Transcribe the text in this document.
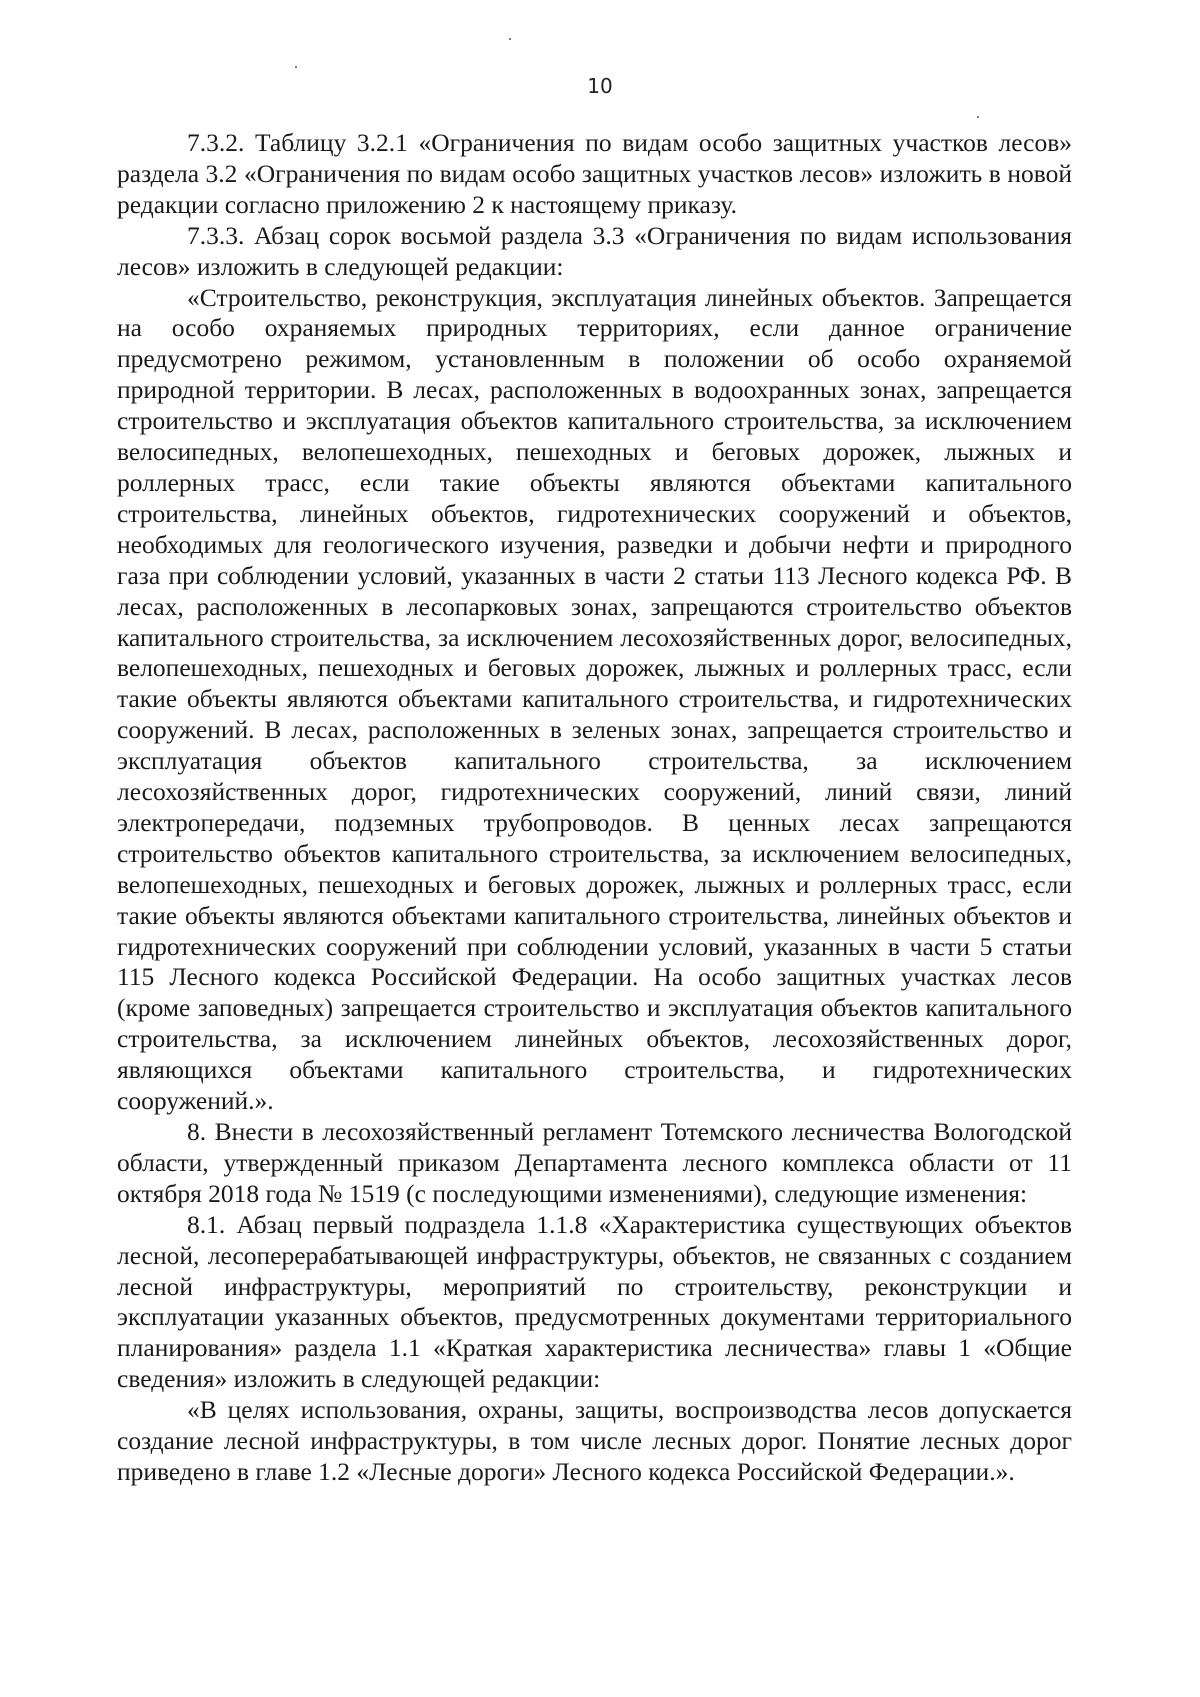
10

7.3.2. Таблицу 3.2.1 «Ограничения по видам особо защитных участков лесов» раздела 3.2 «Ограничения по видам особо защитных участков лесов» изложить в новой редакции согласно приложению 2 к настоящему приказу.

7.3.3. Абзац сорок восьмой раздела 3.3 «Ограничения по видам использования лесов» изложить в следующей редакции:

«Строительство, реконструкция, эксплуатация линейных объектов. Запрещается на особо охраняемых природных территориях, если данное ограничение предусмотрено режимом, установленным в положении об особо охраняемой природной территории. В лесах, расположенных в водоохранных зонах, запрещается строительство и эксплуатация объектов капитального строительства, за исключением велосипедных, велопешеходных, пешеходных и беговых дорожек, лыжных и роллерных трасс, если такие объекты являются объектами капитального строительства, линейных объектов, гидротехнических сооружений и объектов, необходимых для геологического изучения, разведки и добычи нефти и природного газа при соблюдении условий, указанных в части 2 статьи 113 Лесного кодекса РФ. В лесах, расположенных в лесопарковых зонах, запрещаются строительство объектов капитального строительства, за исключением лесохозяйственных дорог, велосипедных, велопешеходных, пешеходных и беговых дорожек, лыжных и роллерных трасс, если такие объекты являются объектами капитального строительства, и гидротехнических сооружений. В лесах, расположенных в зеленых зонах, запрещается строительство и эксплуатация объектов капитального строительства, за исключением лесохозяйственных дорог, гидротехнических сооружений, линий связи, линий электропередачи, подземных трубопроводов. В ценных лесах запрещаются строительство объектов капитального строительства, за исключением велосипедных, велопешеходных, пешеходных и беговых дорожек, лыжных и роллерных трасс, если такие объекты являются объектами капитального строительства, линейных объектов и гидротехнических сооружений при соблюдении условий, указанных в части 5 статьи 115 Лесного кодекса Российской Федерации. На особо защитных участках лесов (кроме заповедных) запрещается строительство и эксплуатация объектов капитального строительства, за исключением линейных объектов, лесохозяйственных дорог, являющихся объектами капитального строительства, и гидротехнических сооружений.».

8. Внести в лесохозяйственный регламент Тотемского лесничества Вологодской области, утвержденный приказом Департамента лесного комплекса области от 11 октября 2018 года № 1519 (с последующими изменениями), следующие изменения:

8.1. Абзац первый подраздела 1.1.8 «Характеристика существующих объектов лесной, лесоперерабатывающей инфраструктуры, объектов, не связанных с созданием лесной инфраструктуры, мероприятий по строительству, реконструкции и эксплуатации указанных объектов, предусмотренных документами территориального планирования» раздела 1.1 «Краткая характеристика лесничества» главы 1 «Общие сведения» изложить в следующей редакции:

«В целях использования, охраны, защиты, воспроизводства лесов допускается создание лесной инфраструктуры, в том числе лесных дорог. Понятие лесных дорог приведено в главе 1.2 «Лесные дороги» Лесного кодекса Российской Федерации.».
